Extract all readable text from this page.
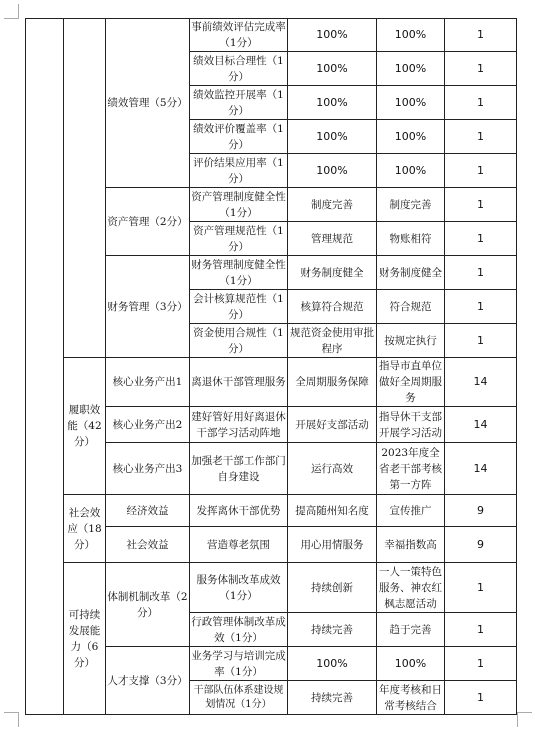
		绩效管理（5分）	事前绩效评估完成率（1分）	100%	100%	1
			绩效目标合理性（1分）	100%	100%	1
			绩效监控开展率（1分）	100%	100%	1
			绩效评价覆盖率（1分）	100%	100%	1
			评价结果应用率（1分）	100%	100%	1
		资产管理（2分）	资产管理制度健全性（1分）	制度完善	制度完善	1
			资产管理规范性（1分）	管理规范	物账相符	1
		财务管理（3分）	财务管理制度健全性（1分）	财务制度健全	财务制度健全	1
			会计核算规范性（1分）	核算符合规范	符合规范	1
			资金使用合规性（1分）	规范资金使用审批程序	按规定执行	1
	履职效能（42分）	核心业务产出1	离退休干部管理服务	全周期服务保障	指导市直单位做好全周期服务	14
		核心业务产出2	建好管好用好离退休干部学习活动阵地	开展好支部活动	指导休干支部开展学习活动	14
		核心业务产出3	加强老干部工作部门自身建设	运行高效	2023年度全省老干部考核第一方阵	14
	社会效应（18分）	经济效益	发挥离休干部优势	提高随州知名度	宣传推广	9
		社会效益	营造尊老氛围	用心用情服务	幸福指数高	9
	可持续发展能力（6分）	体制机制改革（2分）	服务体制改革成效（1分）	持续创新	一人一策特色服务、神农红枫志愿活动	1
			行政管理体制改革成效（1分）	持续完善	趋于完善	1
		人才支撑（3分）	业务学习与培训完成率（1分）	100%	100%	1
			干部队伍体系建设规划情况（1分）	持续完善	年度考核和日常考核结合	1
